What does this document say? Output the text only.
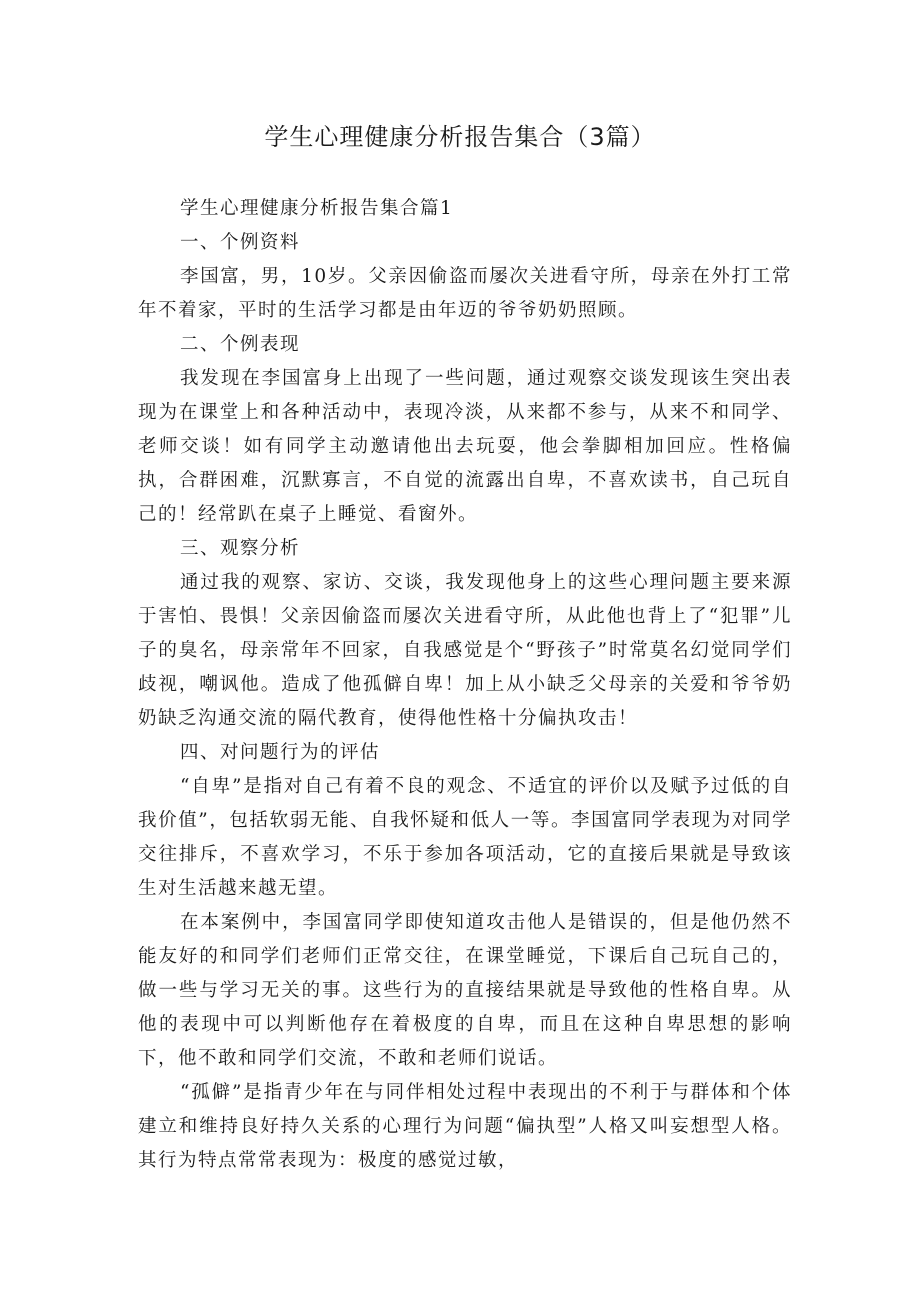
学生心理健康分析报告集合（3篇）

学生心理健康分析报告集合篇1

一、个例资料

李国富，男，10岁。父亲因偷盗而屡次关进看守所，母亲在外打工常年不着家，平时的生活学习都是由年迈的爷爷奶奶照顾。

二、个例表现

我发现在李国富身上出现了一些问题，通过观察交谈发现该生突出表现为在课堂上和各种活动中，表现冷淡，从来都不参与，从来不和同学、老师交谈！如有同学主动邀请他出去玩耍，他会拳脚相加回应。性格偏执，合群困难，沉默寡言，不自觉的流露出自卑，不喜欢读书，自己玩自己的！经常趴在桌子上睡觉、看窗外。

三、观察分析

通过我的观察、家访、交谈，我发现他身上的这些心理问题主要来源于害怕、畏惧！父亲因偷盗而屡次关进看守所，从此他也背上了“犯罪”儿子的臭名，母亲常年不回家，自我感觉是个“野孩子”时常莫名幻觉同学们歧视，嘲讽他。造成了他孤僻自卑！加上从小缺乏父母亲的关爱和爷爷奶奶缺乏沟通交流的隔代教育，使得他性格十分偏执攻击！

四、对问题行为的评估

“自卑”是指对自己有着不良的观念、不适宜的评价以及赋予过低的自我价值”，包括软弱无能、自我怀疑和低人一等。李国富同学表现为对同学交往排斥，不喜欢学习，不乐于参加各项活动，它的直接后果就是导致该生对生活越来越无望。

在本案例中，李国富同学即使知道攻击他人是错误的，但是他仍然不能友好的和同学们老师们正常交往，在课堂睡觉，下课后自己玩自己的，做一些与学习无关的事。这些行为的直接结果就是导致他的性格自卑。从他的表现中可以判断他存在着极度的自卑，而且在这种自卑思想的影响下，他不敢和同学们交流，不敢和老师们说话。

“孤僻”是指青少年在与同伴相处过程中表现出的不利于与群体和个体建立和维持良好持久关系的心理行为问题“偏执型”人格又叫妄想型人格。其行为特点常常表现为：极度的感觉过敏，
